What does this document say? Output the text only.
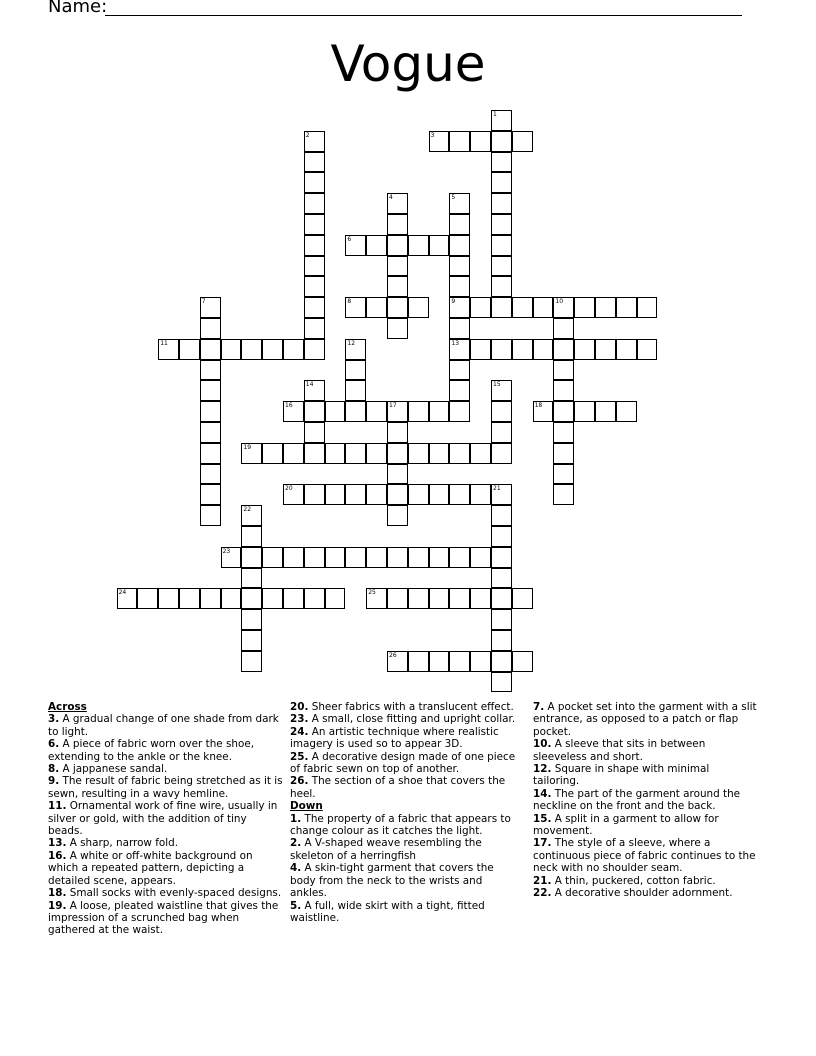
Name:
Vogue
1
2	3
4	5
9
13
6
7	8	10
11	12
14	15
16	17	18
19
20	21
22
23
24	25
26
Across
3. A gradual change of one shade from dark to light.
6. A piece of fabric worn over the shoe, extending to the ankle or the knee.
8. A jappanese sandal.
9. The result of fabric being stretched as it is sewn, resulting in a wavy hemline.
11. Ornamental work of fine wire, usually in silver or gold, with the addition of tiny beads.
13. A sharp, narrow fold.
16. A white or off-white background on which a repeated pattern, depicting a detailed scene, appears.
18. Small socks with evenly-spaced designs.
19. A loose, pleated waistline that gives the impression of a scrunched bag when gathered at the waist.
20. Sheer fabrics with a translucent effect.
23. A small, close fitting and upright collar.
24. An artistic technique where realistic imagery is used so to appear 3D.
25. A decorative design made of one piece of fabric sewn on top of another.
26. The section of a shoe that covers the heel.
Down
1. The property of a fabric that appears to change colour as it catches the light.
2. A V-shaped weave resembling the skeleton of a herringfish
4. A skin-tight garment that covers the body from the neck to the wrists and ankles.
5. A full, wide skirt with a tight, fitted waistline.
7. A pocket set into the garment with a slit entrance, as opposed to a patch or flap pocket.
10. A sleeve that sits in between sleeveless and short.
12. Square in shape with minimal tailoring.
14. The part of the garment around the neckline on the front and the back.
15. A split in a garment to allow for movement.
17. The style of a sleeve, where a continuous piece of fabric continues to the neck with no shoulder seam.
21. A thin, puckered, cotton fabric.
22. A decorative shoulder adornment.
